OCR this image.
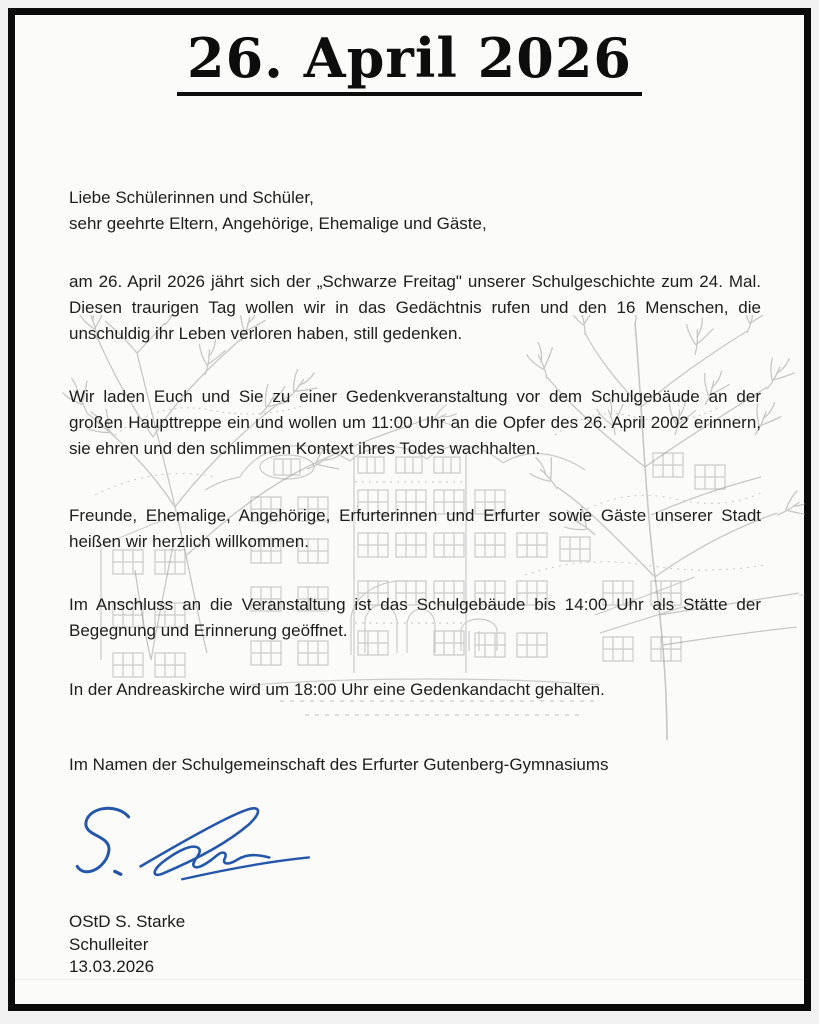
26. April 2026
Liebe Schülerinnen und Schüler,
sehr geehrte Eltern, Angehörige, Ehemalige und Gäste,

am 26. April 2026 jährt sich der „Schwarze Freitag" unserer Schulgeschichte zum 24. Mal. Diesen traurigen Tag wollen wir in das Gedächtnis rufen und den 16 Menschen, die unschuldig ihr Leben verloren haben, still gedenken.

Wir laden Euch und Sie zu einer Gedenkveranstaltung vor dem Schulgebäude an der großen Haupttreppe ein und wollen um 11:00 Uhr an die Opfer des 26. April 2002 erinnern, sie ehren und den schlimmen Kontext ihres Todes wachhalten.

Freunde, Ehemalige, Angehörige, Erfurterinnen und Erfurter sowie Gäste unserer Stadt heißen wir herzlich willkommen.

Im Anschluss an die Veranstaltung ist das Schulgebäude bis 14:00 Uhr als Stätte der Begegnung und Erinnerung geöffnet.

In der Andreaskirche wird um 18:00 Uhr eine Gedenkandacht gehalten.

Im Namen der Schulgemeinschaft des Erfurter Gutenberg-Gymnasiums

OStD S. Starke
Schulleiter
13.03.2026
